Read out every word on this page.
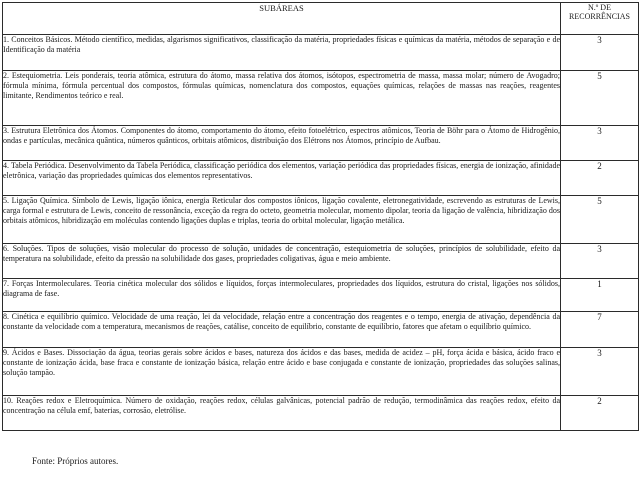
SUBÁREAS	N.º DE
RECORRÊNCIAS
1. Conceitos Básicos. Método científico, medidas, algarismos significativos, classificação da matéria, propriedades físicas e químicas da matéria, métodos de separação e de Identificação da matéria	3
2. Estequiometria. Leis ponderais, teoria atômica, estrutura do átomo, massa relativa dos átomos, isótopos, espectrometria de massa, massa molar; número de Avogadro; fórmula mínima, fórmula percentual dos compostos, fórmulas químicas, nomenclatura dos compostos, equações químicas, relações de massas nas reações, reagentes limitante, Rendimentos teórico e real.	5
3. Estrutura Eletrônica dos Átomos. Componentes do átomo, comportamento do átomo, efeito fotoelétrico, espectros atômicos, Teoria de Böhr para o Átomo de Hidrogênio, ondas e partículas, mecânica quântica, números quânticos, orbitais atômicos, distribuição dos Elétrons nos Átomos, princípio de Aufbau.	3
4. Tabela Periódica. Desenvolvimento da Tabela Periódica, classificação periódica dos elementos, variação periódica das propriedades físicas, energia de ionização, afinidade eletrônica, variação das propriedades químicas dos elementos representativos.	2
5. Ligação Química. Símbolo de Lewis, ligação iônica, energia Reticular dos compostos iônicos, ligação covalente, eletronegatividade, escrevendo as estruturas de Lewis, carga formal e estrutura de Lewis, conceito de ressonância, exceção da regra do octeto, geometria molecular, momento dipolar, teoria da ligação de valência, hibridização dos orbitais atômicos, hibridização em moléculas contendo ligações duplas e triplas, teoria do orbital molecular, ligação metálica.	5
6. Soluções. Tipos de soluções, visão molecular do processo de solução, unidades de concentração, estequiometria de soluções, princípios de solubilidade, efeito da temperatura na solubilidade, efeito da pressão na solubilidade dos gases, propriedades coligativas, água e meio ambiente.	3
7. Forças Intermoleculares. Teoria cinética molecular dos sólidos e líquidos, forças intermoleculares, propriedades dos líquidos, estrutura do cristal, ligações nos sólidos, diagrama de fase.	1
8. Cinética e equilíbrio químico. Velocidade de uma reação, lei da velocidade, relação entre a concentração dos reagentes e o tempo, energia de ativação, dependência da constante da velocidade com a temperatura, mecanismos de reações, catálise, conceito de equilíbrio, constante de equilíbrio, fatores que afetam o equilíbrio químico.	7
9. Ácidos e Bases. Dissociação da água, teorias gerais sobre ácidos e bases, natureza dos ácidos e das bases, medida de acidez – pH, força ácida e básica, ácido fraco e constante de ionização ácida, base fraca e constante de ionização básica, relação entre ácido e base conjugada e constante de ionização, propriedades das soluções salinas, solução tampão.	3
10. Reações redox e Eletroquímica. Número de oxidação, reações redox, células galvânicas, potencial padrão de redução, termodinâmica das reações redox, efeito da concentração na célula emf, baterias, corrosão, eletrólise.	2
Fonte: Próprios autores.
